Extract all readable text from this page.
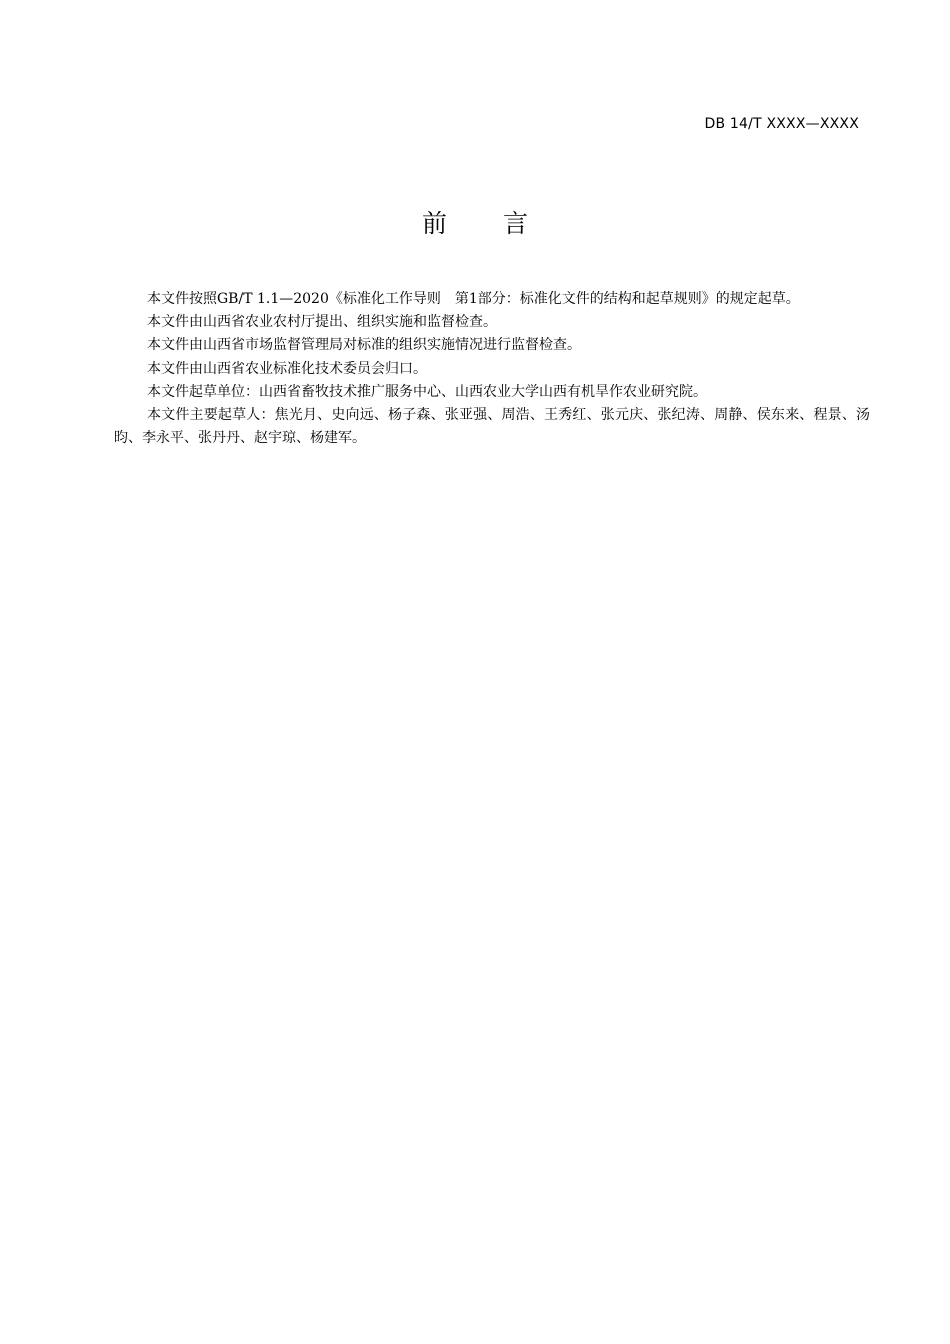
DB 14/T XXXX—XXXX
前 言

本文件按照GB/T 1.1—2020《标准化工作导则　第1部分：标准化文件的结构和起草规则》的规定起草。

本文件由山西省农业农村厅提出、组织实施和监督检查。

本文件由山西省市场监督管理局对标准的组织实施情况进行监督检查。

本文件由山西省农业标准化技术委员会归口。

本文件起草单位：山西省畜牧技术推广服务中心、山西农业大学山西有机旱作农业研究院。

本文件主要起草人：焦光月、史向远、杨子森、张亚强、周浩、王秀红、张元庆、张纪涛、周静、侯东来、程景、汤昀、李永平、张丹丹、赵宇琼、杨建军。
